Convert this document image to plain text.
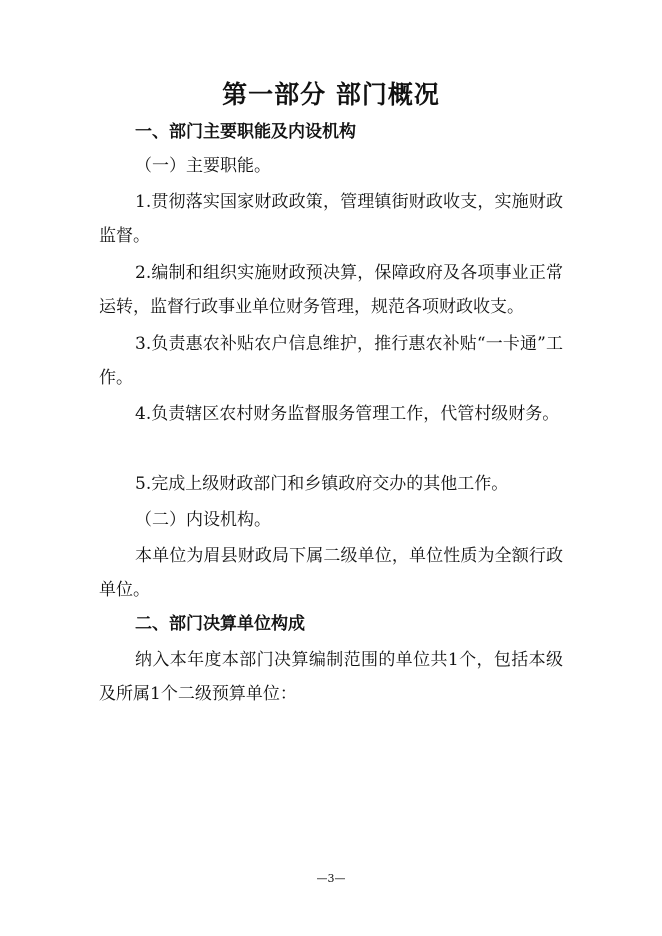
第一部分 部门概况
一、部门主要职能及内设机构
（一）主要职能。
1.贯彻落实国家财政政策，管理镇街财政收支，实施财政监督。
2.编制和组织实施财政预决算，保障政府及各项事业正常运转，监督行政事业单位财务管理，规范各项财政收支。
3.负责惠农补贴农户信息维护，推行惠农补贴“一卡通”工作。
4.负责辖区农村财务监督服务管理工作，代管村级财务。
5.完成上级财政部门和乡镇政府交办的其他工作。
（二）内设机构。
本单位为眉县财政局下属二级单位，单位性质为全额行政单位。
二、部门决算单位构成
纳入本年度本部门决算编制范围的单位共1个，包括本级及所属1个二级预算单位：
—3—
